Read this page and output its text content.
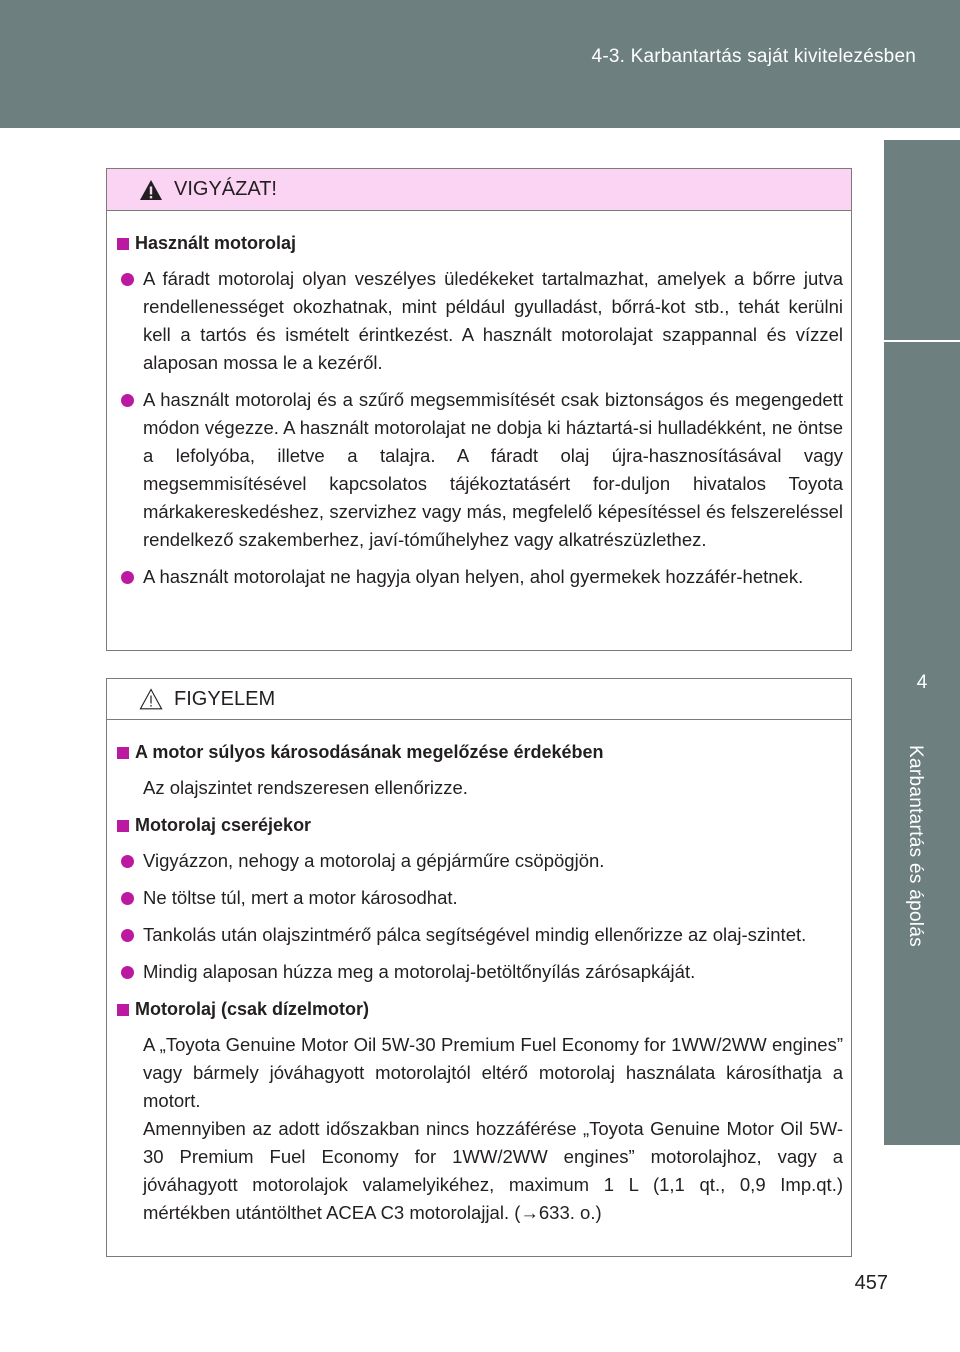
4-3. Karbantartás saját kivitelezésben
4
Karbantartás és ápolás
VIGYÁZAT!
Használt motorolaj
A fáradt motorolaj olyan veszélyes üledékeket tartalmazhat, amelyek a bőrre jutva rendellenességet okozhatnak, mint például gyulladást, bőrrá-kot stb., tehát kerülni kell a tartós és ismételt érintkezést. A használt motorolajat szappannal és vízzel alaposan mossa le a kezéről.
A használt motorolaj és a szűrő megsemmisítését csak biztonságos és megengedett módon végezze. A használt motorolajat ne dobja ki háztartá-si hulladékként, ne öntse a lefolyóba, illetve a talajra. A fáradt olaj újra-hasznosításával vagy megsemmisítésével kapcsolatos tájékoztatásért for-duljon hivatalos Toyota márkakereskedéshez, szervizhez vagy más, megfelelő képesítéssel és felszereléssel rendelkező szakemberhez, javí-tóműhelyhez vagy alkatrészüzlethez.
A használt motorolajat ne hagyja olyan helyen, ahol gyermekek hozzáfér-hetnek.
FIGYELEM
A motor súlyos károsodásának megelőzése érdekében

Az olajszintet rendszeresen ellenőrizze.

Motorolaj cseréjekor
Vigyázzon, nehogy a motorolaj a gépjárműre csöpögjön.
Ne töltse túl, mert a motor károsodhat.
Tankolás után olajszintmérő pálca segítségével mindig ellenőrizze az olaj-szintet.
Mindig alaposan húzza meg a motorolaj-betöltőnyílás zárósapkáját.
Motorolaj (csak dízelmotor)

A „Toyota Genuine Motor Oil 5W-30 Premium Fuel Economy for 1WW/2WW engines” vagy bármely jóváhagyott motorolajtól eltérő motorolaj használata károsíthatja a motort.

Amennyiben az adott időszakban nincs hozzáférése „Toyota Genuine Motor Oil 5W-30 Premium Fuel Economy for 1WW/2WW engines” motorolajhoz, vagy a jóváhagyott motorolajok valamelyikéhez, maximum 1 L (1,1 qt., 0,9 Imp.qt.) mértékben utántölthet ACEA C3 motorolajjal. (→633. o.)

457
